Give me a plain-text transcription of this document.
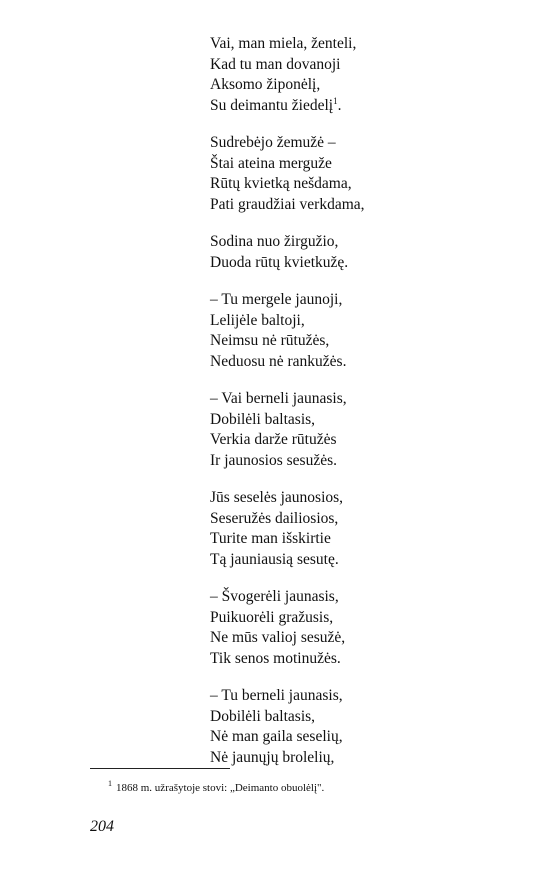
Vai, man miela, ženteli,
Kad tu man dovanoji
Aksomo žiponėlį,
Su deimantu žiedelį$^1$.
Sudrebėjo žemužė –
Štai ateina merguže
Rūtų kvietką nešdama,
Pati graudžiai verkdama,
Sodina nuo žirgužio,
Duoda rūtų kvietkužę.
– Tu mergele jaunoji,
Lelijėle baltoji,
Neimsu nė rūtužės,
Neduosu nė rankužės.
– Vai berneli jaunasis,
Dobilėli baltasis,
Verkia darže rūtužės
Ir jaunosios sesužės.
Jūs seselės jaunosios,
Seseružės dailiosios,
Turite man išskirtie
Tą jauniausią sesutę.
– Švogerėli jaunasis,
Puikuorėli gražusis,
Ne mūs valioj sesužė,
Tik senos motinužės.
– Tu berneli jaunasis,
Dobilėli baltasis,
Nė man gaila seselių,
Nė jaunųjų brolelių,
$^1$ 1868 m. užrašytoje stovi: „Deimanto obuolėlį".
204
